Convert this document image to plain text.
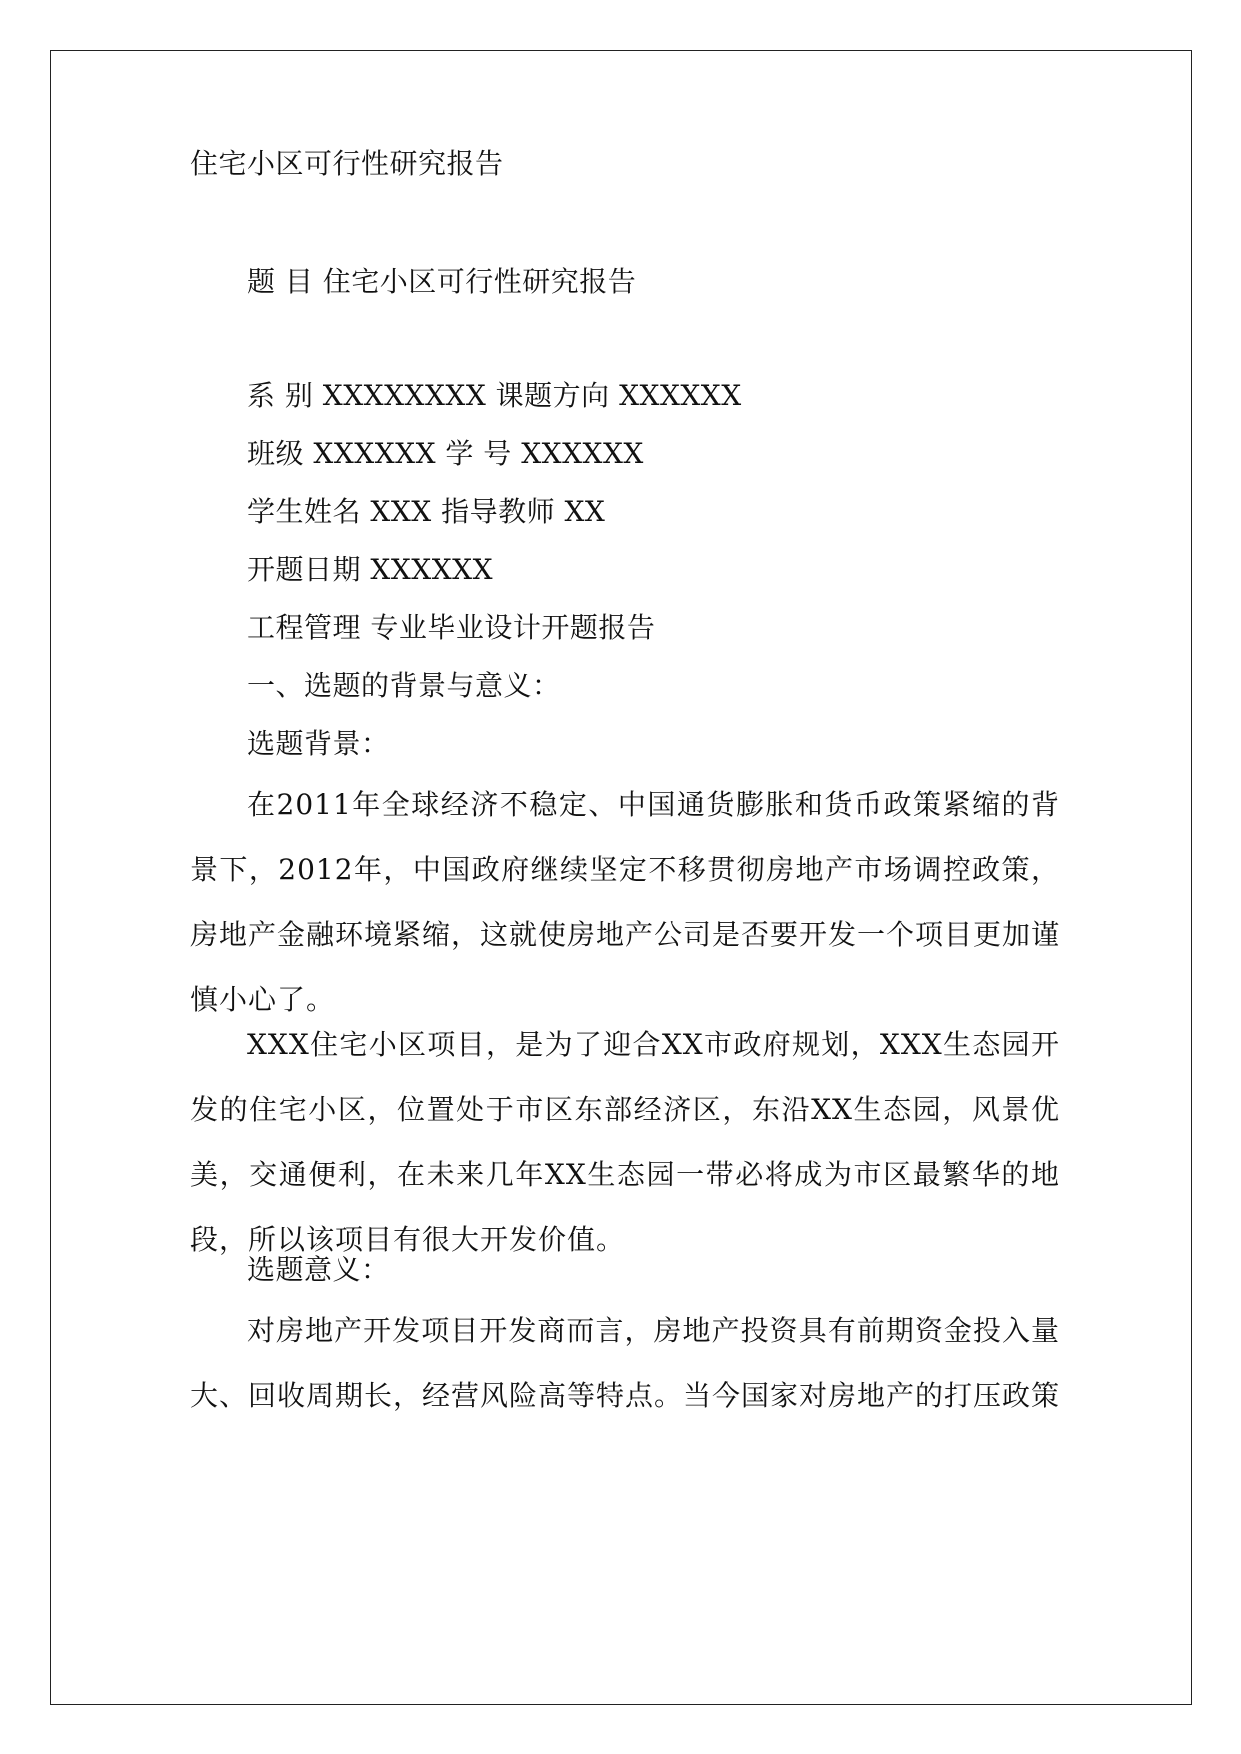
住宅小区可行性研究报告
题 目 住宅小区可行性研究报告
系 别 XXXXXXXX 课题方向 XXXXXX
班级 XXXXXX 学 号 XXXXXX
学生姓名 XXX 指导教师 XX
开题日期 XXXXXX
工程管理 专业毕业设计开题报告
一、选题的背景与意义：
选题背景：
在2011年全球经济不稳定、中国通货膨胀和货币政策紧缩的背景下，2012年，中国政府继续坚定不移贯彻房地产市场调控政策，房地产金融环境紧缩，这就使房地产公司是否要开发一个项目更加谨慎小心了。
XXX住宅小区项目，是为了迎合XX市政府规划，XXX生态园开发的住宅小区，位置处于市区东部经济区，东沿XX生态园，风景优美，交通便利，在未来几年XX生态园一带必将成为市区最繁华的地段，所以该项目有很大开发价值。
选题意义：
对房地产开发项目开发商而言，房地产投资具有前期资金投入量大、回收周期长，经营风险高等特点。当今国家对房地产的打压政策
